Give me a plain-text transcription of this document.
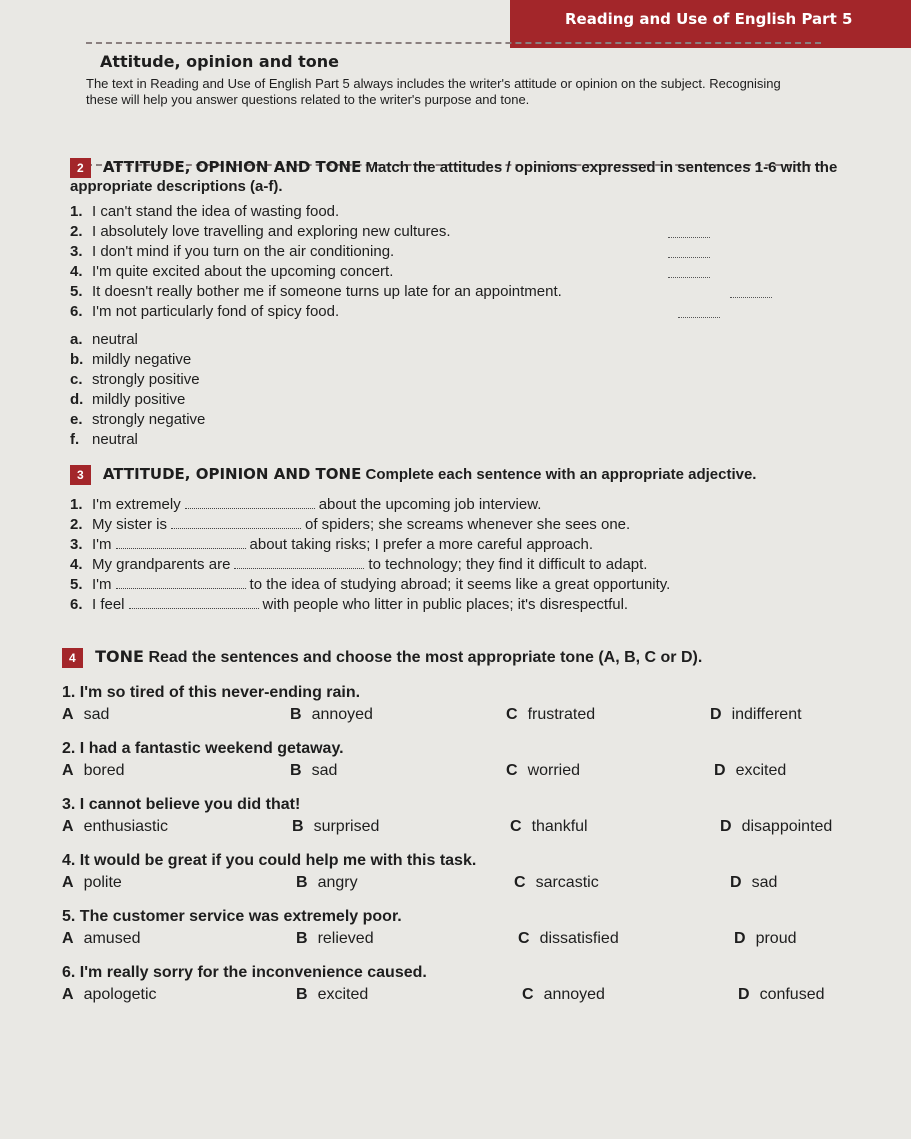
Reading and Use of English Part 5
Attitude, opinion and tone

The text in Reading and Use of English Part 5 always includes the writer's attitude or opinion on the subject. Recognising these will help you answer questions related to the writer's purpose and tone.

2 ATTITUDE, OPINION AND TONE Match the attitudes / opinions expressed in sentences 1-6 with the appropriate descriptions (a-f).
1. I can't stand the idea of wasting food.
2. I absolutely love travelling and exploring new cultures.
3. I don't mind if you turn on the air conditioning.
4. I'm quite excited about the upcoming concert.
5. It doesn't really bother me if someone turns up late for an appointment.
6. I'm not particularly fond of spicy food.
a. neutral
b. mildly negative
c. strongly positive
d. mildly positive
e. strongly negative
f. neutral
3 ATTITUDE, OPINION AND TONE Complete each sentence with an appropriate adjective.
1. I'm extremely	about the upcoming job interview.
2. My sister is	of spiders; she screams whenever she sees one.
3. I'm	about taking risks; I prefer a more careful approach.
4. My grandparents are	to technology; they find it difficult to adapt.
5. I'm	to the idea of studying abroad; it seems like a great opportunity.
6. I feel	with people who litter in public places; it's disrespectful.
4 TONE Read the sentences and choose the most appropriate tone (A, B, C or D).
1. I'm so tired of this never-ending rain.
A sad	B annoyed	C frustrated	D indifferent
2. I had a fantastic weekend getaway.
A bored	B sad	C worried	D excited
3. I cannot believe you did that!
A enthusiastic	B surprised	C thankful	D disappointed
4. It would be great if you could help me with this task.
A polite	B angry	C sarcastic	D sad
5. The customer service was extremely poor.
A amused	B relieved	C dissatisfied	D proud
6. I'm really sorry for the inconvenience caused.
A apologetic	B excited	C annoyed	D confused
